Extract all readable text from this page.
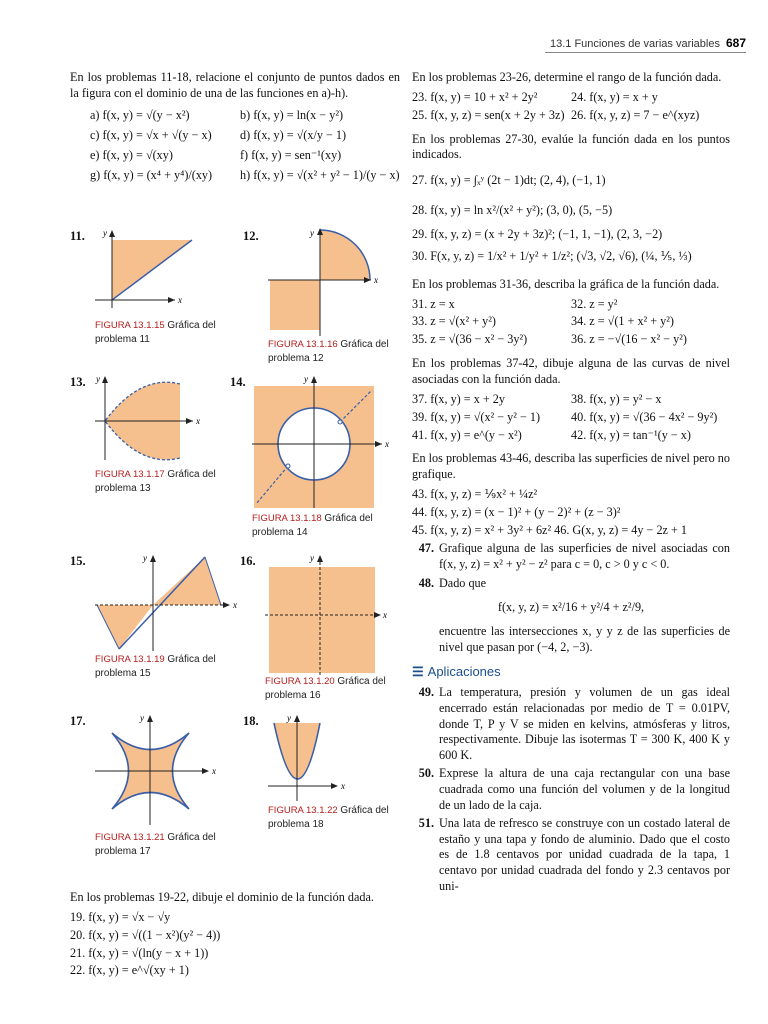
13.1 Funciones de varias variables 687

En los problemas 11-18, relacione el conjunto de puntos dados en la figura con el dominio de una de las funciones en a)-h).

a) f(x, y) = √(y − x²)	b) f(x, y) = ln(x − y²)
c) f(x, y) = √x + √(y − x)	d) f(x, y) = √(x/y − 1)
e) f(x, y) = √(xy)	f) f(x, y) = sen⁻¹(xy)
g) f(x, y) = (x⁴ + y⁴)/(xy)	h) f(x, y) = √(x² + y² − 1)/(y − x)
11.
x
y
FIGURA 13.1.15 Gráfica del problema 11
12.
x
y
FIGURA 13.1.16 Gráfica del problema 12
13.
x
y
FIGURA 13.1.17 Gráfica del problema 13
14.
x
y
FIGURA 13.1.18 Gráfica del problema 14
15.
x
y
FIGURA 13.1.19 Gráfica del problema 15
16.
x
y
FIGURA 13.1.20 Gráfica del problema 16
17.
x
y
FIGURA 13.1.21 Gráfica del problema 17
18.
x
y
FIGURA 13.1.22 Gráfica del problema 18

En los problemas 19-22, dibuje el dominio de la función dada.

19. f(x, y) = √x − √y
20. f(x, y) = √((1 − x²)(y² − 4))
21. f(x, y) = √(ln(y − x + 1))
22. f(x, y) = e^√(xy + 1)

En los problemas 23-26, determine el rango de la función dada.

23. f(x, y) = 10 + x² + 2y²	24. f(x, y) = x + y
25. f(x, y, z) = sen(x + 2y + 3z) 26. f(x, y, z) = 7 − e^(xyz)

En los problemas 27-30, evalúe la función dada en los puntos indicados.

27. f(x, y) = ∫ₓʸ (2t − 1)dt; (2, 4), (−1, 1)
28. f(x, y) = ln x²/(x² + y²); (3, 0), (5, −5)
29. f(x, y, z) = (x + 2y + 3z)²; (−1, 1, −1), (2, 3, −2)
30. F(x, y, z) = 1/x² + 1/y² + 1/z²; (√3, √2, √6), (¼, ⅕, ⅓)

En los problemas 31-36, describa la gráfica de la función dada.

31. z = x	32. z = y²
33. z = √(x² + y²)	34. z = √(1 + x² + y²)
35. z = √(36 − x² − 3y²)	36. z = −√(16 − x² − y²)

En los problemas 37-42, dibuje alguna de las curvas de nivel asociadas con la función dada.

37. f(x, y) = x + 2y	38. f(x, y) = y² − x
39. f(x, y) = √(x² − y² − 1)	40. f(x, y) = √(36 − 4x² − 9y²)
41. f(x, y) = e^(y − x²)	42. f(x, y) = tan⁻¹(y − x)

En los problemas 43-46, describa las superficies de nivel pero no grafique.

43. f(x, y, z) = ⅑x² + ¼z²
44. f(x, y, z) = (x − 1)² + (y − 2)² + (z − 3)²
45. f(x, y, z) = x² + 3y² + 6z² 46. G(x, y, z) = 4y − 2z + 1
47. Grafique alguna de las superficies de nivel asociadas con f(x, y, z) = x² + y² − z² para c = 0, c > 0 y c < 0.
48. Dado que
f(x, y, z) = x²/16 + y²/4 + z²/9,
encuentre las intersecciones x, y y z de las superficies de nivel que pasan por (−4, 2, −3).
☰ Aplicaciones
49. La temperatura, presión y volumen de un gas ideal encerrado están relacionadas por medio de T = 0.01PV, donde T, P y V se miden en kelvins, atmósferas y litros, respectivamente. Dibuje las isotermas T = 300 K, 400 K y 600 K.
50. Exprese la altura de una caja rectangular con una base cuadrada como una función del volumen y de la longitud de un lado de la caja.
51. Una lata de refresco se construye con un costado lateral de estaño y una tapa y fondo de aluminio. Dado que el costo es de 1.8 centavos por unidad cuadrada de la tapa, 1 centavo por unidad cuadrada del fondo y 2.3 centavos por uni-
